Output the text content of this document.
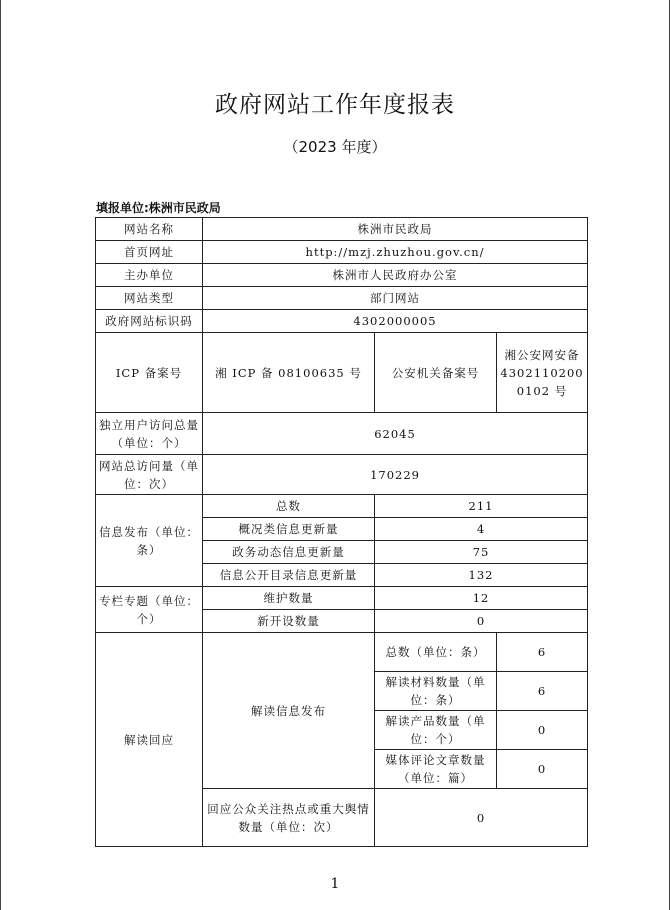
政府网站工作年度报表
（2023 年度）
填报单位:株洲市民政局
网站名称	株洲市民政局		
首页网址	http://mzj.zhuzhou.gov.cn/		
主办单位	株洲市人民政府办公室		
网站类型	部门网站		
政府网站标识码	4302000005		
ICP 备案号	湘 ICP 备 08100635 号	公安机关备案号	湘公安网安备 43021102000102 号
独立用户访问总量（单位：个）	62045		
网站总访问量（单位：次）	170229		
信息发布（单位：条）	总数	211	
	概况类信息更新量	4	
	政务动态信息更新量	75	
	信息公开目录信息更新量	132	
专栏专题（单位：个）	维护数量	12	
	新开设数量	0	
解读回应	解读信息发布	总数（单位：条）	6
		解读材料数量（单位：条）	6
		解读产品数量（单位：个）	0
		媒体评论文章数量（单位：篇）	0
	回应公众关注热点或重大舆情数量（单位：次）	0	
1
